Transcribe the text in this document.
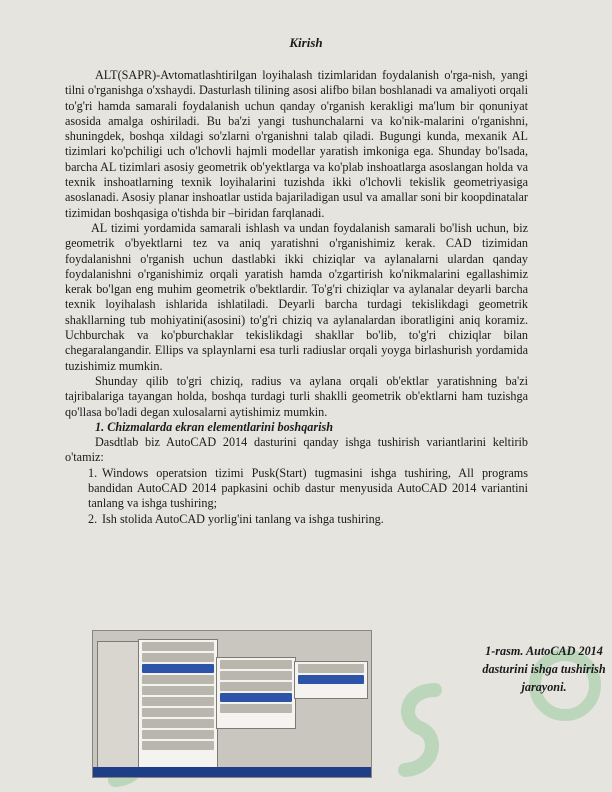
Kirish

ALT(SAPR)-Avtomatlashtirilgan loyihalash tizimlaridan foydalanish o'rga-nish, yangi tilni o'rganishga o'xshaydi. Dasturlash tilining asosi alifbo bilan boshlanadi va amaliyoti orqali to'g'ri hamda samarali foydalanish uchun qanday o'rganish kerakligi ma'lum bir qonuniyat asosida amalga oshiriladi. Bu ba'zi yangi tushunchalarni va ko'nik-malarini o'rganishni, shuningdek, boshqa xildagi so'zlarni o'rganishni talab qiladi. Bugungi kunda, mexanik AL tizimlari ko'pchiligi uch o'lchovli hajmli modellar yaratish imkoniga ega. Shunday bo'lsada, barcha AL tizimlari asosiy geometrik ob'yektlarga va ko'plab inshoatlarga asoslangan holda va texnik inshoatlarning texnik loyihalarini tuzishda ikki o'lchovli tekislik geometriyasiga asoslanadi. Asosiy planar inshoatlar ustida bajariladigan usul va amallar soni bir koopdinatalar tizimidan boshqasiga o'tishda bir –biridan farqlanadi.

AL tizimi yordamida samarali ishlash va undan foydalanish samarali bo'lish uchun, biz geometrik o'byektlarni tez va aniq yaratishni o'rganishimiz kerak. CAD tizimidan foydalanishni o'rganish uchun dastlabki ikki chiziqlar va aylanalarni ulardan qanday foydalanishni o'rganishimiz orqali yaratish hamda o'zgartirish ko'nikmalarini egallashimiz kerak bo'lgan eng muhim geometrik o'bektlardir. To'g'ri chiziqlar va aylanalar deyarli barcha texnik loyihalash ishlarida ishlatiladi. Deyarli barcha turdagi tekislikdagi geometrik shakllarning tub mohiyatini(asosini) to'g'ri chiziq va aylanalardan iboratligini aniq koramiz. Uchburchak va ko'pburchaklar tekislikdagi shakllar bo'lib, to'g'ri chiziqlar bilan chegaralangandir. Ellips va splaynlarni esa turli radiuslar orqali yoyga birlashurish yordamida tuzishimiz mumkin.

Shunday qilib to'gri chiziq, radius va aylana orqali ob'ektlar yaratishning ba'zi tajribalariga tayangan holda, boshqa turdagi turli shaklli geometrik ob'ektlarni ham tuzishga qo'llasa bo'ladi degan xulosalarni aytishimiz mumkin.

1. Chizmalarda ekran elementlarini boshqarish

Dasdtlab biz AutoCAD 2014 dasturini qanday ishga tushirish variantlarini keltirib o'tamiz:

1. Windows operatsion tizimi Pusk(Start) tugmasini ishga tushiring, All programs bandidan AutoCAD 2014 papkasini ochib dastur menyusida AutoCAD 2014 variantini tanlang va ishga tushiring;
2. Ish stolida AutoCAD yorlig'ini tanlang va ishga tushiring.
1-rasm. AutoCAD 2014 dasturini ishga tushirish jarayoni.
